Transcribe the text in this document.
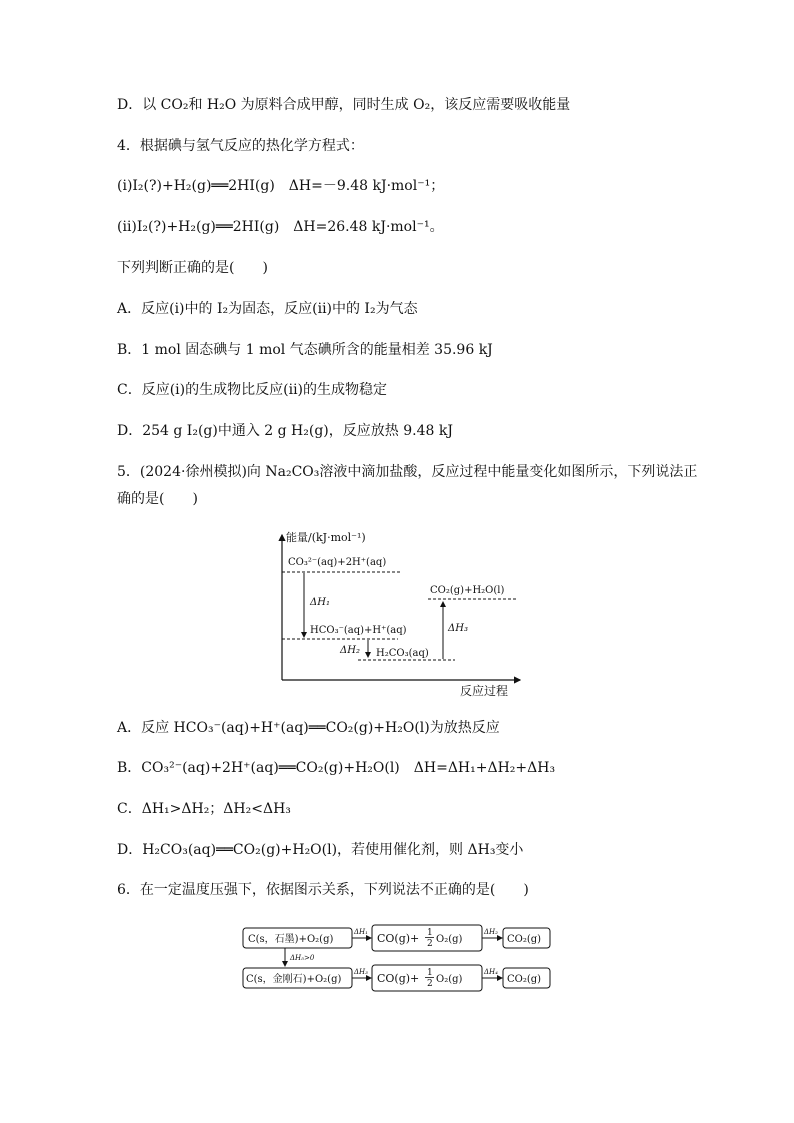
D．以 CO₂和 H₂O 为原料合成甲醇，同时生成 O₂，该反应需要吸收能量
4．根据碘与氢气反应的热化学方程式：
(ⅰ)I₂(?)+H₂(g)══2HI(g)　ΔH=－9.48 kJ·mol⁻¹；
(ⅱ)I₂(?)+H₂(g)══2HI(g)　ΔH=26.48 kJ·mol⁻¹。
下列判断正确的是(　　)
A．反应(ⅰ)中的 I₂为固态，反应(ⅱ)中的 I₂为气态
B．1 mol 固态碘与 1 mol 气态碘所含的能量相差 35.96 kJ
C．反应(ⅰ)的生成物比反应(ⅱ)的生成物稳定
D．254 g I₂(g)中通入 2 g H₂(g)，反应放热 9.48 kJ
5．(2024·徐州模拟)向 Na₂CO₃溶液中滴加盐酸，反应过程中能量变化如图所示，下列说法正
确的是(　　)
能量/(kJ·mol⁻¹)
反应过程
CO₃²⁻(aq)+2H⁺(aq)
ΔH₁
HCO₃⁻(aq)+H⁺(aq)
ΔH₂ H₂CO₃(aq)
CO₂(g)+H₂O(l)
ΔH₃
A．反应 HCO₃⁻(aq)+H⁺(aq)══CO₂(g)+H₂O(l)为放热反应
B．CO₃²⁻(aq)+2H⁺(aq)══CO₂(g)+H₂O(l)　ΔH=ΔH₁+ΔH₂+ΔH₃
C．ΔH₁>ΔH₂；ΔH₂<ΔH₃
D．H₂CO₃(aq)══CO₂(g)+H₂O(l)，若使用催化剂，则 ΔH₃变小
6．在一定温度压强下，依据图示关系，下列说法不正确的是(　　)
C(s，石墨)+O₂(g)
ΔH₁ CO(g)+ 1
2 O₂(g)
ΔH₂
CO₂(g)
ΔH₅>0
C(s，金刚石)+O₂(g)
ΔH₃ CO(g)+ 1
2 O₂(g)
ΔH₄
CO₂(g)
